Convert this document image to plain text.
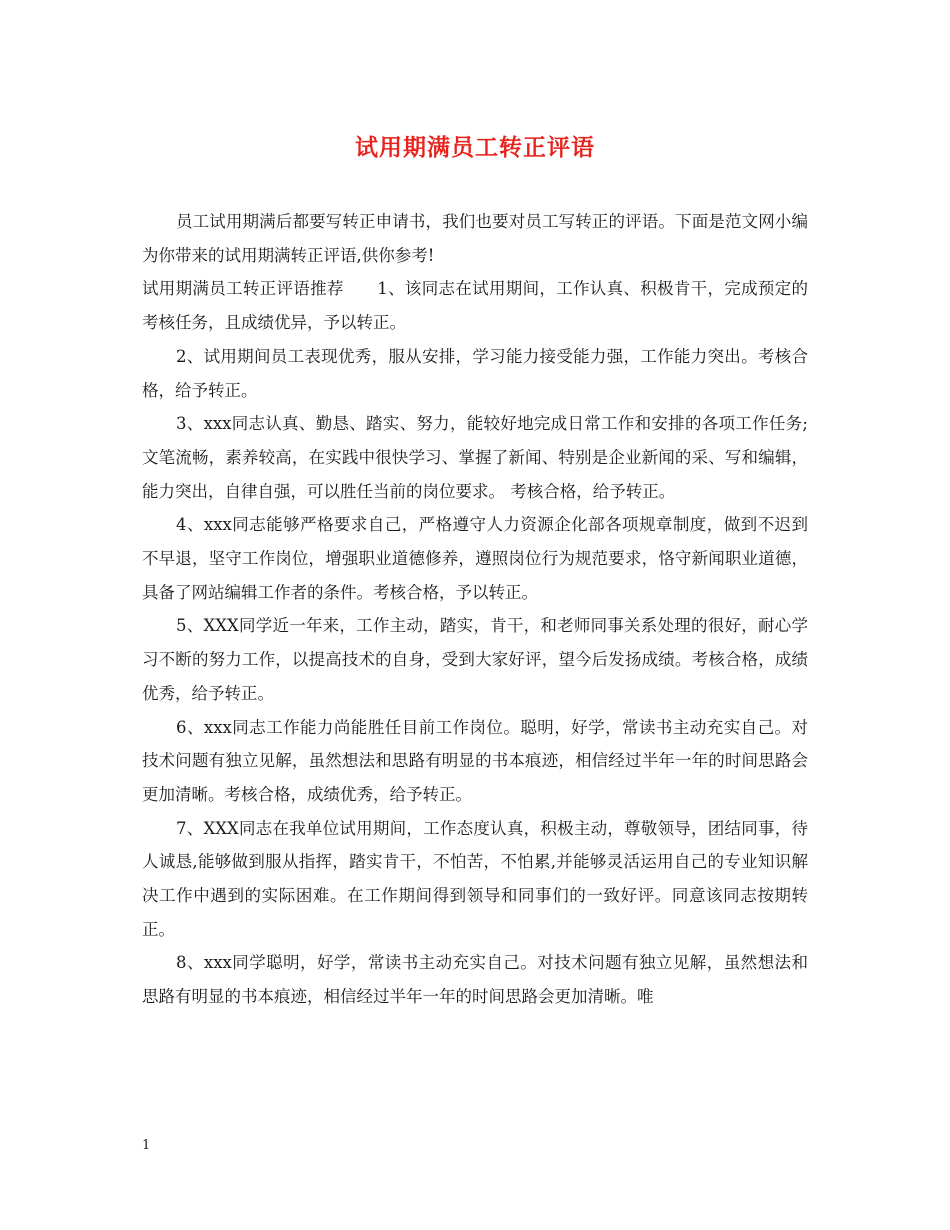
试用期满员工转正评语

员工试用期满后都要写转正申请书，我们也要对员工写转正的评语。下面是范文网小编为你带来的试用期满转正评语,供你参考!

试用期满员工转正评语推荐　　1、该同志在试用期间，工作认真、积极肯干，完成预定的考核任务，且成绩优异，予以转正。

2、试用期间员工表现优秀，服从安排，学习能力接受能力强，工作能力突出。考核合格，给予转正。

3、xxx同志认真、勤恳、踏实、努力，能较好地完成日常工作和安排的各项工作任务;文笔流畅，素养较高，在实践中很快学习、掌握了新闻、特别是企业新闻的采、写和编辑，能力突出，自律自强，可以胜任当前的岗位要求。 考核合格，给予转正。

4、xxx同志能够严格要求自己，严格遵守人力资源企化部各项规章制度，做到不迟到不早退，坚守工作岗位，增强职业道德修养，遵照岗位行为规范要求，恪守新闻职业道德，具备了网站编辑工作者的条件。考核合格，予以转正。

5、XXX同学近一年来，工作主动，踏实，肯干，和老师同事关系处理的很好，耐心学习不断的努力工作，以提高技术的自身，受到大家好评，望今后发扬成绩。考核合格，成绩优秀，给予转正。

6、xxx同志工作能力尚能胜任目前工作岗位。聪明，好学，常读书主动充实自己。对技术问题有独立见解，虽然想法和思路有明显的书本痕迹，相信经过半年一年的时间思路会更加清晰。考核合格，成绩优秀，给予转正。

7、XXX同志在我单位试用期间，工作态度认真，积极主动，尊敬领导，团结同事，待人诚恳,能够做到服从指挥，踏实肯干，不怕苦，不怕累,并能够灵活运用自己的专业知识解决工作中遇到的实际困难。在工作期间得到领导和同事们的一致好评。同意该同志按期转正。

8、xxx同学聪明，好学，常读书主动充实自己。对技术问题有独立见解，虽然想法和思路有明显的书本痕迹，相信经过半年一年的时间思路会更加清晰。唯

1
